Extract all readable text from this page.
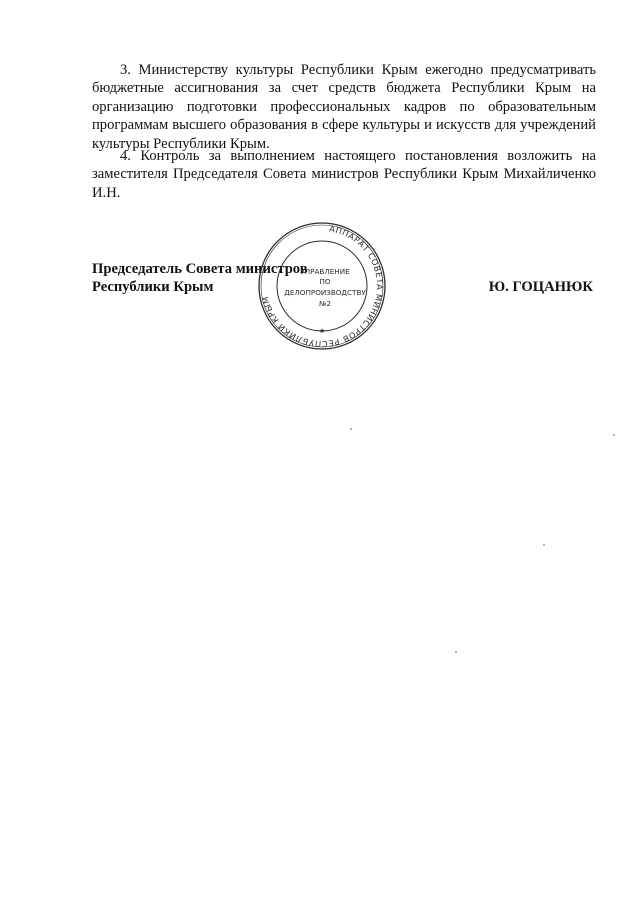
3. Министерству культуры Республики Крым ежегодно предусматривать бюджетные ассигнования за счет средств бюджета Республики Крым на организацию подготовки профессиональных кадров по образовательным программам высшего образования в сфере культуры и искусств для учреждений культуры Республики Крым.

4. Контроль за выполнением настоящего постановления возложить на заместителя Председателя Совета министров Республики Крым Михайличенко И.Н.

Председатель Совета министров
Республики Крым	Ю. ГОЦАНЮК
АППАРАТ СОВЕТА МИНИСТРОВ РЕСПУБЛИКИ КРЫМ
★
УПРАВЛЕНИЕ
ПО
ДЕЛОПРОИЗВОДСТВУ
№2
